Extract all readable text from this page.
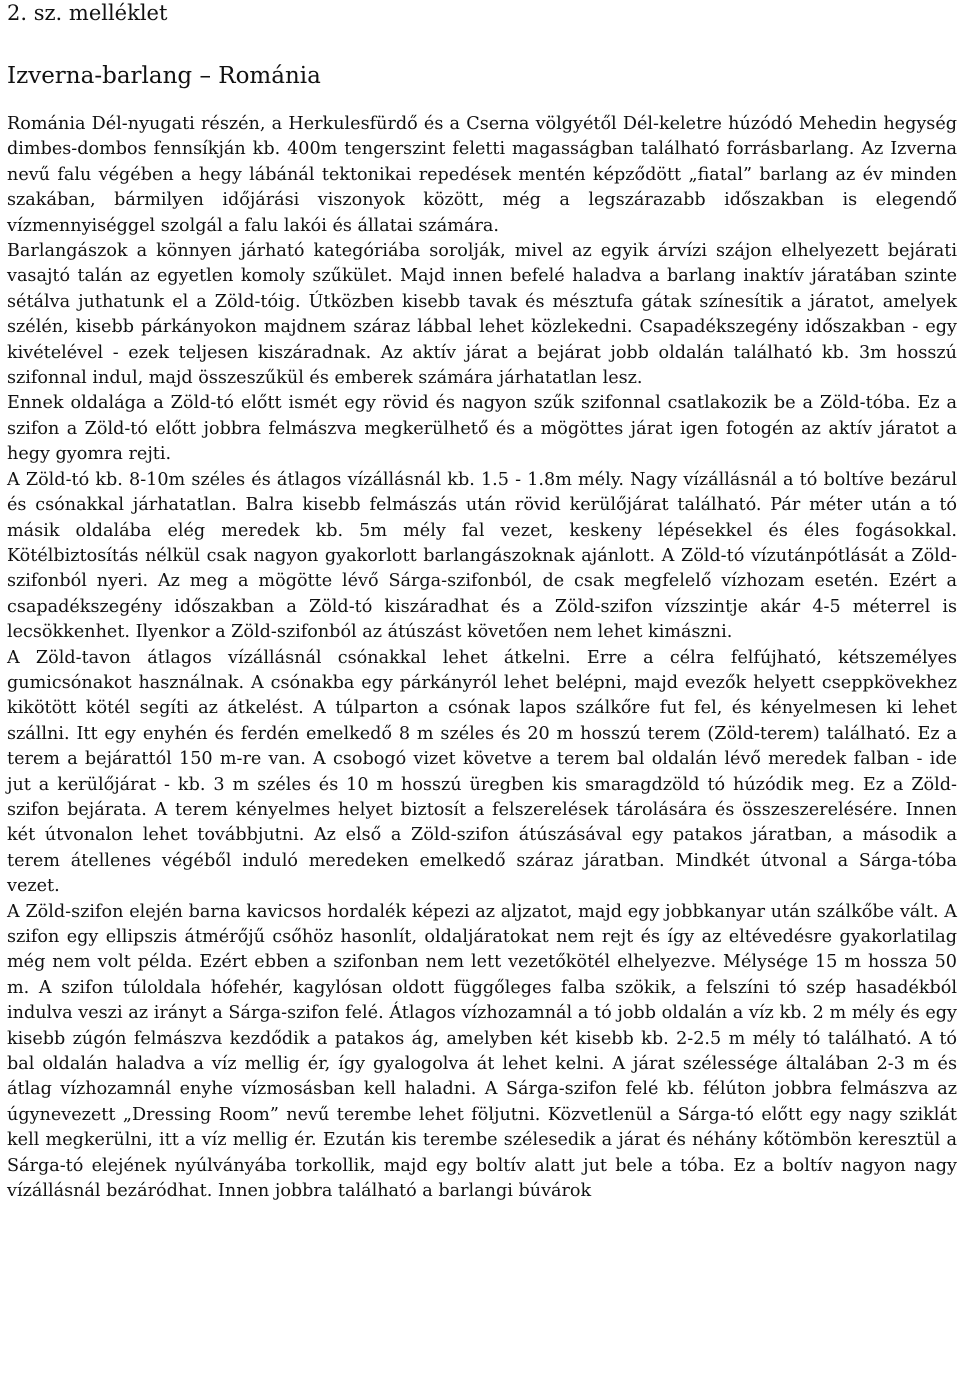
2. sz. melléklet
Izverna-barlang – Románia

Románia Dél-nyugati részén, a Herkulesfürdő és a Cserna völgyétől Dél-keletre húzódó Mehedin hegység dimbes-dombos fennsíkján kb. 400m tengerszint feletti magasságban található forrásbarlang. Az Izverna nevű falu végében a hegy lábánál tektonikai repedések mentén képződött „fiatal” barlang az év minden szakában, bármilyen időjárási viszonyok között, még a legszárazabb időszakban is elegendő vízmennyiséggel szolgál a falu lakói és állatai számára.

Barlangászok a könnyen járható kategóriába sorolják, mivel az egyik árvízi szájon elhelyezett bejárati vasajtó talán az egyetlen komoly szűkület. Majd innen befelé haladva a barlang inaktív járatában szinte sétálva juthatunk el a Zöld-tóig. Útközben kisebb tavak és mésztufa gátak színesítik a járatot, amelyek szélén, kisebb párkányokon majdnem száraz lábbal lehet közlekedni. Csapadékszegény időszakban - egy kivételével - ezek teljesen kiszáradnak. Az aktív járat a bejárat jobb oldalán található kb. 3m hosszú szifonnal indul, majd összeszűkül és emberek számára járhatatlan lesz.

Ennek oldalága a Zöld-tó előtt ismét egy rövid és nagyon szűk szifonnal csatlakozik be a Zöld-tóba. Ez a szifon a Zöld-tó előtt jobbra felmászva megkerülhető és a mögöttes járat igen fotogén az aktív járatot a hegy gyomra rejti.

A Zöld-tó kb. 8-10m széles és átlagos vízállásnál kb. 1.5 - 1.8m mély. Nagy vízállásnál a tó boltíve bezárul és csónakkal járhatatlan. Balra kisebb felmászás után rövid kerülőjárat található. Pár méter után a tó másik oldalába elég meredek kb. 5m mély fal vezet, keskeny lépésekkel és éles fogásokkal. Kötélbiztosítás nélkül csak nagyon gyakorlott barlangászoknak ajánlott. A Zöld-tó vízutánpótlását a Zöld-szifonból nyeri. Az meg a mögötte lévő Sárga-szifonból, de csak megfelelő vízhozam esetén. Ezért a csapadékszegény időszakban a Zöld-tó kiszáradhat és a Zöld-szifon vízszintje akár 4-5 méterrel is lecsökkenhet. Ilyenkor a Zöld-szifonból az átúszást követően nem lehet kimászni.

A Zöld-tavon átlagos vízállásnál csónakkal lehet átkelni. Erre a célra felfújható, kétszemélyes gumicsónakot használnak. A csónakba egy párkányról lehet belépni, majd evezők helyett cseppkövekhez kikötött kötél segíti az átkelést. A túlparton a csónak lapos szálkőre fut fel, és kényelmesen ki lehet szállni. Itt egy enyhén és ferdén emelkedő 8 m széles és 20 m hosszú terem (Zöld-terem) található. Ez a terem a bejárattól 150 m-re van. A csobogó vizet követve a terem bal oldalán lévő meredek falban - ide jut a kerülőjárat - kb. 3 m széles és 10 m hosszú üregben kis smaragdzöld tó húzódik meg. Ez a Zöld-szifon bejárata. A terem kényelmes helyet biztosít a felszerelések tárolására és összeszerelésére. Innen két útvonalon lehet továbbjutni. Az első a Zöld-szifon átúszásával egy patakos járatban, a második a terem átellenes végéből induló meredeken emelkedő száraz járatban. Mindkét útvonal a Sárga-tóba vezet.

A Zöld-szifon elején barna kavicsos hordalék képezi az aljzatot, majd egy jobbkanyar után szálkőbe vált. A szifon egy ellipszis átmérőjű csőhöz hasonlít, oldaljáratokat nem rejt és így az eltévedésre gyakorlatilag még nem volt példa. Ezért ebben a szifonban nem lett vezetőkötél elhelyezve. Mélysége 15 m hossza 50 m. A szifon túloldala hófehér, kagylósan oldott függőleges falba szökik, a felszíni tó szép hasadékból indulva veszi az irányt a Sárga-szifon felé. Átlagos vízhozamnál a tó jobb oldalán a víz kb. 2 m mély és egy kisebb zúgón felmászva kezdődik a patakos ág, amelyben két kisebb kb. 2-2.5 m mély tó található. A tó bal oldalán haladva a víz mellig ér, így gyalogolva át lehet kelni. A járat szélessége általában 2-3 m és átlag vízhozamnál enyhe vízmosásban kell haladni. A Sárga-szifon felé kb. félúton jobbra felmászva az úgynevezett „Dressing Room” nevű terembe lehet följutni. Közvetlenül a Sárga-tó előtt egy nagy sziklát kell megkerülni, itt a víz mellig ér. Ezután kis terembe szélesedik a járat és néhány kőtömbön keresztül a Sárga-tó elejének nyúlványába torkollik, majd egy boltív alatt jut bele a tóba. Ez a boltív nagyon nagy vízállásnál bezáródhat. Innen jobbra található a barlangi búvárok
